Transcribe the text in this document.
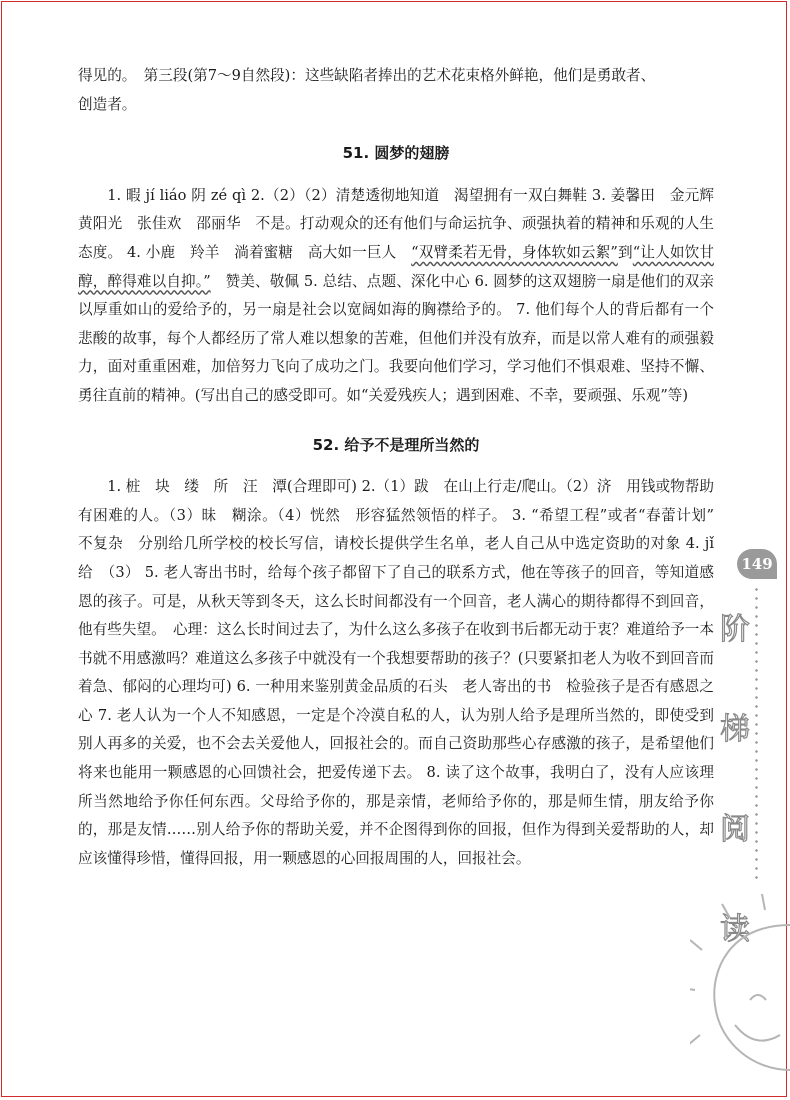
得见的。　第三段(第7～9自然段)：这些缺陷者捧出的艺术花束格外鲜艳，他们是勇敢者、

创造者。

51. 圆梦的翅膀

1. 暇 jí liáo 阴 zé qì 2.（2）（2）清楚透彻地知道　渴望拥有一双白舞鞋 3. 姜馨田　金元辉　黄阳光　张佳欢　邵丽华　不是。打动观众的还有他们与命运抗争、顽强执着的精神和乐观的人生态度。 4. 小鹿　羚羊　淌着蜜糖　高大如一巨人　“双臂柔若无骨，身体软如云絮”到“让人如饮甘醇，醉得难以自抑。”　赞美、敬佩 5. 总结、点题、深化中心 6. 圆梦的这双翅膀一扇是他们的双亲以厚重如山的爱给予的，另一扇是社会以宽阔如海的胸襟给予的。 7. 他们每个人的背后都有一个悲酸的故事，每个人都经历了常人难以想象的苦难，但他们并没有放弃，而是以常人难有的顽强毅力，面对重重困难，加倍努力飞向了成功之门。我要向他们学习，学习他们不惧艰难、坚持不懈、勇往直前的精神。(写出自己的感受即可。如“关爱残疾人；遇到困难、不幸，要顽强、乐观”等)

52. 给予不是理所当然的

1. 桩　块　缕　所　汪　潭(合理即可) 2.（1）跋　在山上行走/爬山。（2）济　用钱或物帮助有困难的人。（3）昧　糊涂。（4）恍然　形容猛然领悟的样子。 3. “希望工程”或者“春蕾计划”　不复杂　分别给几所学校的校长写信，请校长提供学生名单，老人自己从中选定资助的对象 4. jǐ　给　（3） 5. 老人寄出书时，给每个孩子都留下了自己的联系方式，他在等孩子的回音，等知道感恩的孩子。可是，从秋天等到冬天，这么长时间都没有一个回音，老人满心的期待都得不到回音，他有些失望。　心理：这么长时间过去了，为什么这么多孩子在收到书后都无动于衷？难道给予一本书就不用感激吗？难道这么多孩子中就没有一个我想要帮助的孩子？(只要紧扣老人为收不到回音而着急、郁闷的心理均可) 6. 一种用来鉴别黄金品质的石头　老人寄出的书　检验孩子是否有感恩之心 7. 老人认为一个人不知感恩，一定是个冷漠自私的人，认为别人给予是理所当然的，即使受到别人再多的关爱，也不会去关爱他人，回报社会的。而自己资助那些心存感激的孩子，是希望他们将来也能用一颗感恩的心回馈社会，把爱传递下去。 8. 读了这个故事，我明白了，没有人应该理所当然地给予你任何东西。父母给予你的，那是亲情，老师给予你的，那是师生情，朋友给予你的，那是友情……别人给予你的帮助关爱，并不企图得到你的回报，但作为得到关爱帮助的人，却应该懂得珍惜，懂得回报，用一颗感恩的心回报周围的人，回报社会。

149
阶
梯
阅
读
